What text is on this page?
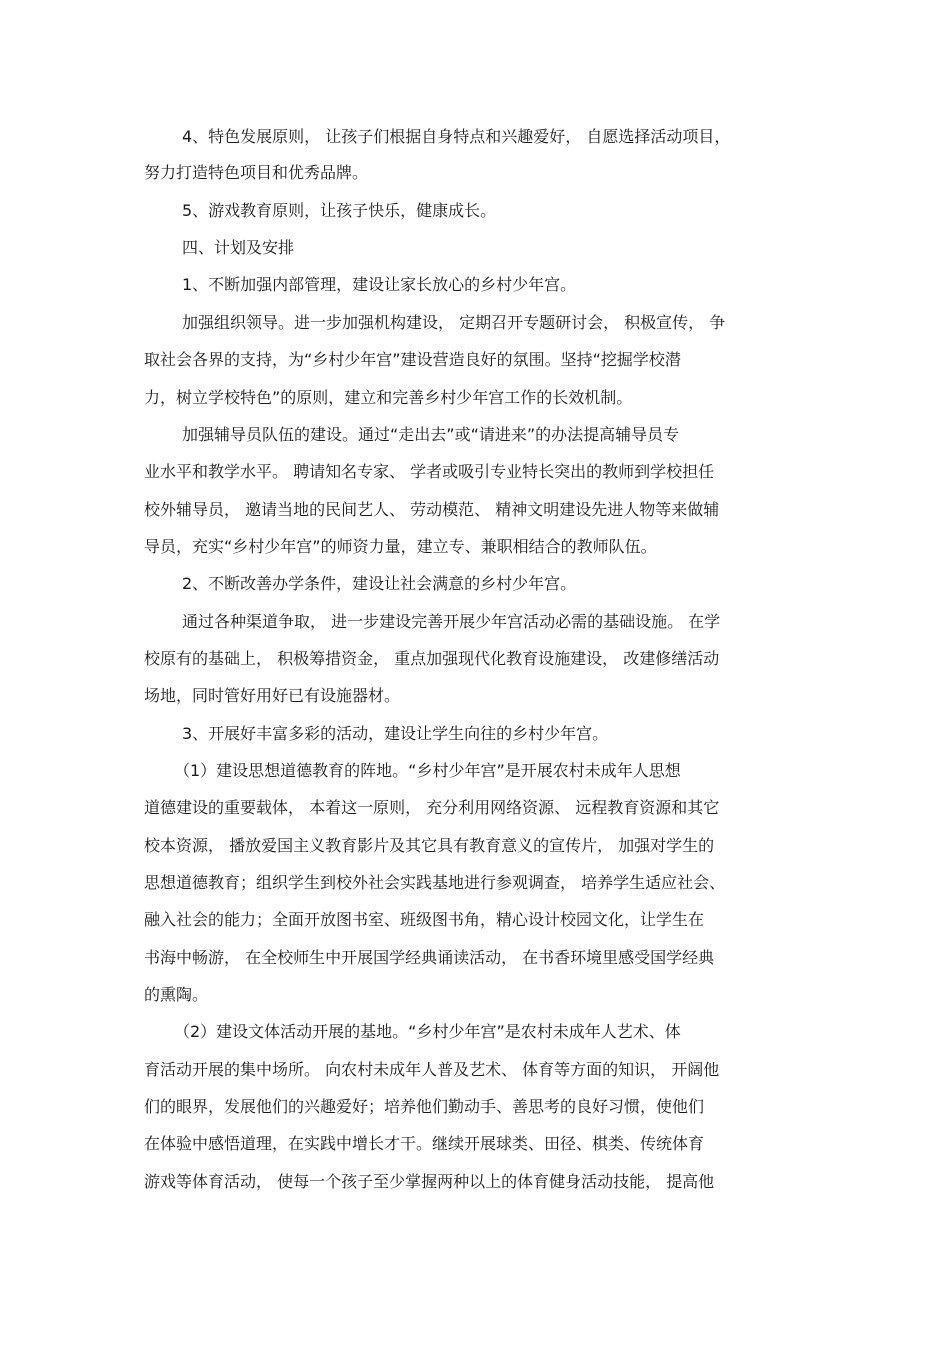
4、特色发展原则， 让孩子们根据自身特点和兴趣爱好， 自愿选择活动项目，

努力打造特色项目和优秀品牌。

5、游戏教育原则，让孩子快乐，健康成长。

四、计划及安排

1、不断加强内部管理，建设让家长放心的乡村少年宫。

加强组织领导。进一步加强机构建设， 定期召开专题研讨会， 积极宣传， 争

取社会各界的支持，为“乡村少年宫”建设营造良好的氛围。坚持“挖掘学校潜

力，树立学校特色”的原则，建立和完善乡村少年宫工作的长效机制。

加强辅导员队伍的建设。通过“走出去”或“请进来”的办法提高辅导员专

业水平和教学水平。 聘请知名专家、 学者或吸引专业特长突出的教师到学校担任

校外辅导员， 邀请当地的民间艺人、 劳动模范、 精神文明建设先进人物等来做辅

导员，充实“乡村少年宫”的师资力量，建立专、兼职相结合的教师队伍。

2、不断改善办学条件，建设让社会满意的乡村少年宫。

通过各种渠道争取， 进一步建设完善开展少年宫活动必需的基础设施。 在学

校原有的基础上， 积极筹措资金， 重点加强现代化教育设施建设， 改建修缮活动

场地，同时管好用好已有设施器材。

3、开展好丰富多彩的活动，建设让学生向往的乡村少年宫。

（1）建设思想道德教育的阵地。“乡村少年宫”是开展农村未成年人思想

道德建设的重要载体， 本着这一原则， 充分利用网络资源、 远程教育资源和其它

校本资源， 播放爱国主义教育影片及其它具有教育意义的宣传片， 加强对学生的

思想道德教育；组织学生到校外社会实践基地进行参观调查， 培养学生适应社会、

融入社会的能力；全面开放图书室、班级图书角，精心设计校园文化，让学生在

书海中畅游， 在全校师生中开展国学经典诵读活动， 在书香环境里感受国学经典

的熏陶。

（2）建设文体活动开展的基地。“乡村少年宫”是农村未成年人艺术、体

育活动开展的集中场所。 向农村未成年人普及艺术、 体育等方面的知识， 开阔他

们的眼界，发展他们的兴趣爱好；培养他们勤动手、善思考的良好习惯，使他们

在体验中感悟道理，在实践中增长才干。继续开展球类、田径、棋类、传统体育

游戏等体育活动， 使每一个孩子至少掌握两种以上的体育健身活动技能， 提高他
